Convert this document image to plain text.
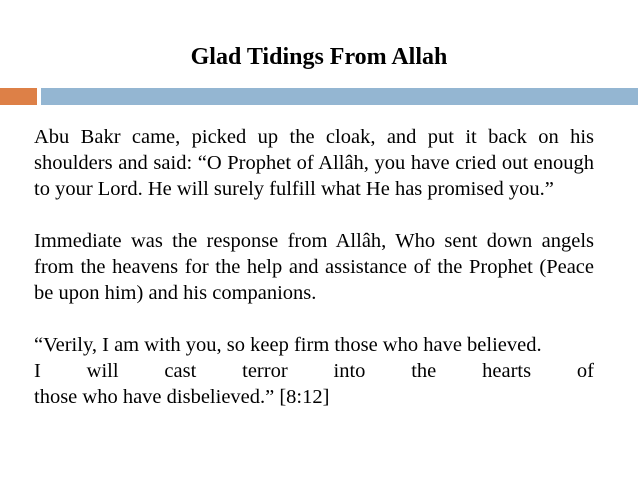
Glad Tidings From Allah

Abu Bakr came, picked up the cloak, and put it back on his shoulders and said: “O Prophet of Allâh, you have cried out enough to your Lord. He will surely fulfill what He has promised you.”

Immediate was the response from Allâh, Who sent down angels from the heavens for the help and assistance of the Prophet (Peace be upon him) and his companions.

“Verily, I am with you, so keep firm those who have believed.
I will cast terror into the hearts of
those who have disbelieved.” [8:12]
